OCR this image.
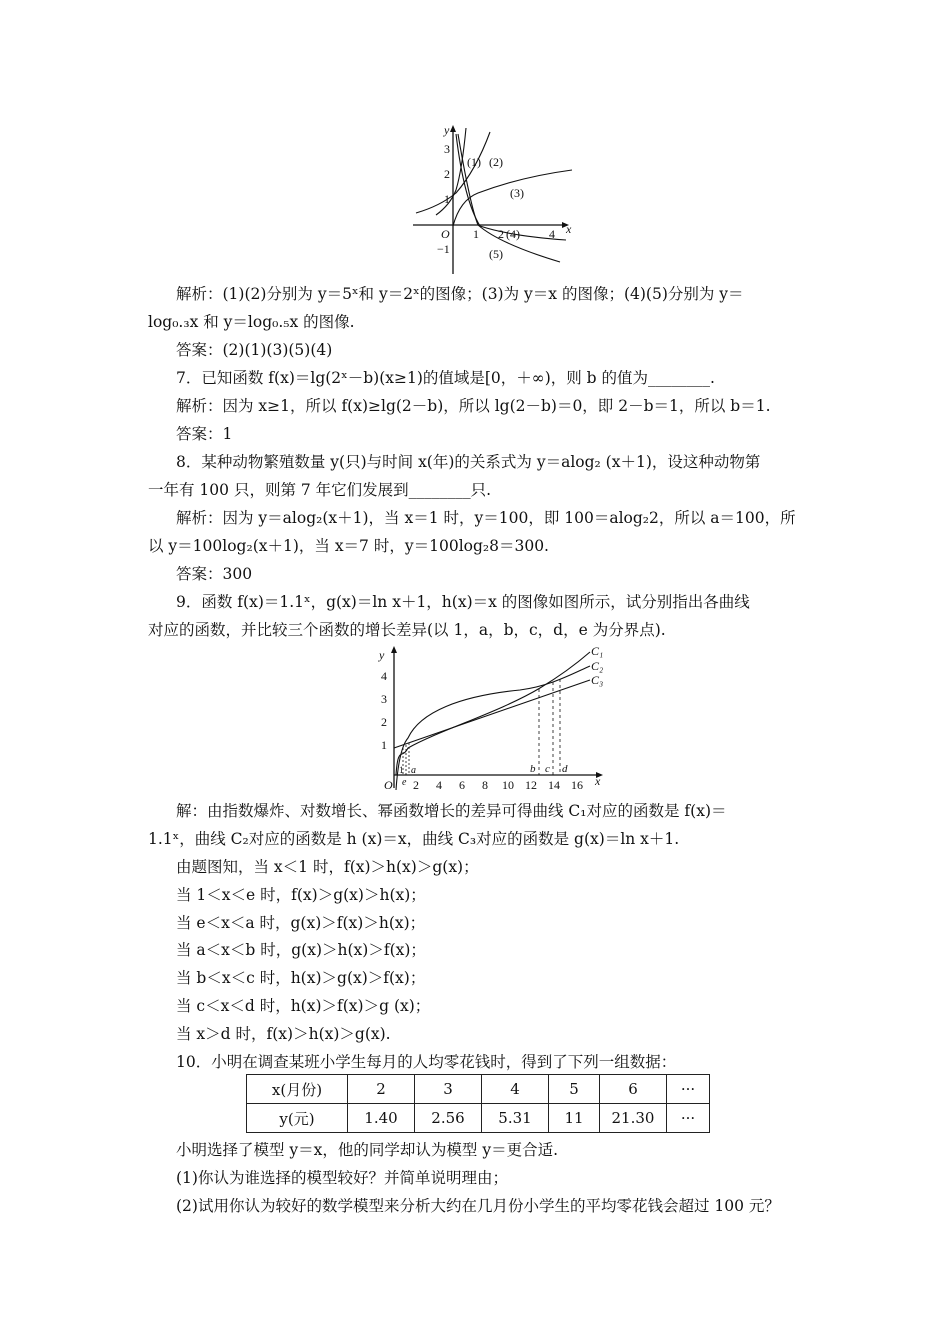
y
x
O
3
2
1
−1
1 2	4
(1) (2)
(3)
(4)
(5)
解析：(1)(2)分别为 y＝5ˣ和 y＝2ˣ的图像；(3)为 y＝x 的图像；(4)(5)分别为 y＝
log₀.₃x 和 y＝log₀.₅x 的图像.
答案：(2)(1)(3)(5)(4)
7．已知函数 f(x)＝lg(2ˣ－b)(x≥1)的值域是[0，＋∞)，则 b 的值为________.
解析：因为 x≥1，所以 f(x)≥lg(2－b)，所以 lg(2－b)＝0，即 2－b＝1，所以 b＝1.
答案：1
8．某种动物繁殖数量 y(只)与时间 x(年)的关系式为 y＝alog₂ (x＋1)，设这种动物第
一年有 100 只，则第 7 年它们发展到________只.
解析：因为 y＝alog₂(x＋1)，当 x＝1 时，y＝100，即 100＝alog₂2，所以 a＝100，所
以 y＝100log₂(x＋1)，当 x＝7 时，y＝100log₂8＝300.
答案：300
9．函数 f(x)＝1.1ˣ，g(x)＝ln x＋1，h(x)＝x 的图像如图所示，试分别指出各曲线
对应的函数，并比较三个函数的增长差异(以 1，a，b，c，d，e 为分界点).
y
x
O
4
3
2
1
2 4 6 8 10 12 14 16
1
e
a	b c d
C₁
C₂
C₃
解：由指数爆炸、对数增长、幂函数增长的差异可得曲线 C₁对应的函数是 f(x)＝
1.1ˣ，曲线 C₂对应的函数是 h (x)＝x，曲线 C₃对应的函数是 g(x)＝ln x＋1.
由题图知，当 x＜1 时，f(x)＞h(x)＞g(x)；
当 1＜x＜e 时，f(x)＞g(x)＞h(x)；
当 e＜x＜a 时，g(x)＞f(x)＞h(x)；
当 a＜x＜b 时，g(x)＞h(x)＞f(x)；
当 b＜x＜c 时，h(x)＞g(x)＞f(x)；
当 c＜x＜d 时，h(x)＞f(x)＞g (x)；
当 x＞d 时，f(x)＞h(x)＞g(x).
10．小明在调查某班小学生每月的人均零花钱时，得到了下列一组数据：
x(月份)	2	3	4	5	6	···
y(元)	1.40	2.56	5.31	11	21.30	···
小明选择了模型 y＝x，他的同学却认为模型 y＝更合适.
(1)你认为谁选择的模型较好？并简单说明理由；
(2)试用你认为较好的数学模型来分析大约在几月份小学生的平均零花钱会超过 100 元？
